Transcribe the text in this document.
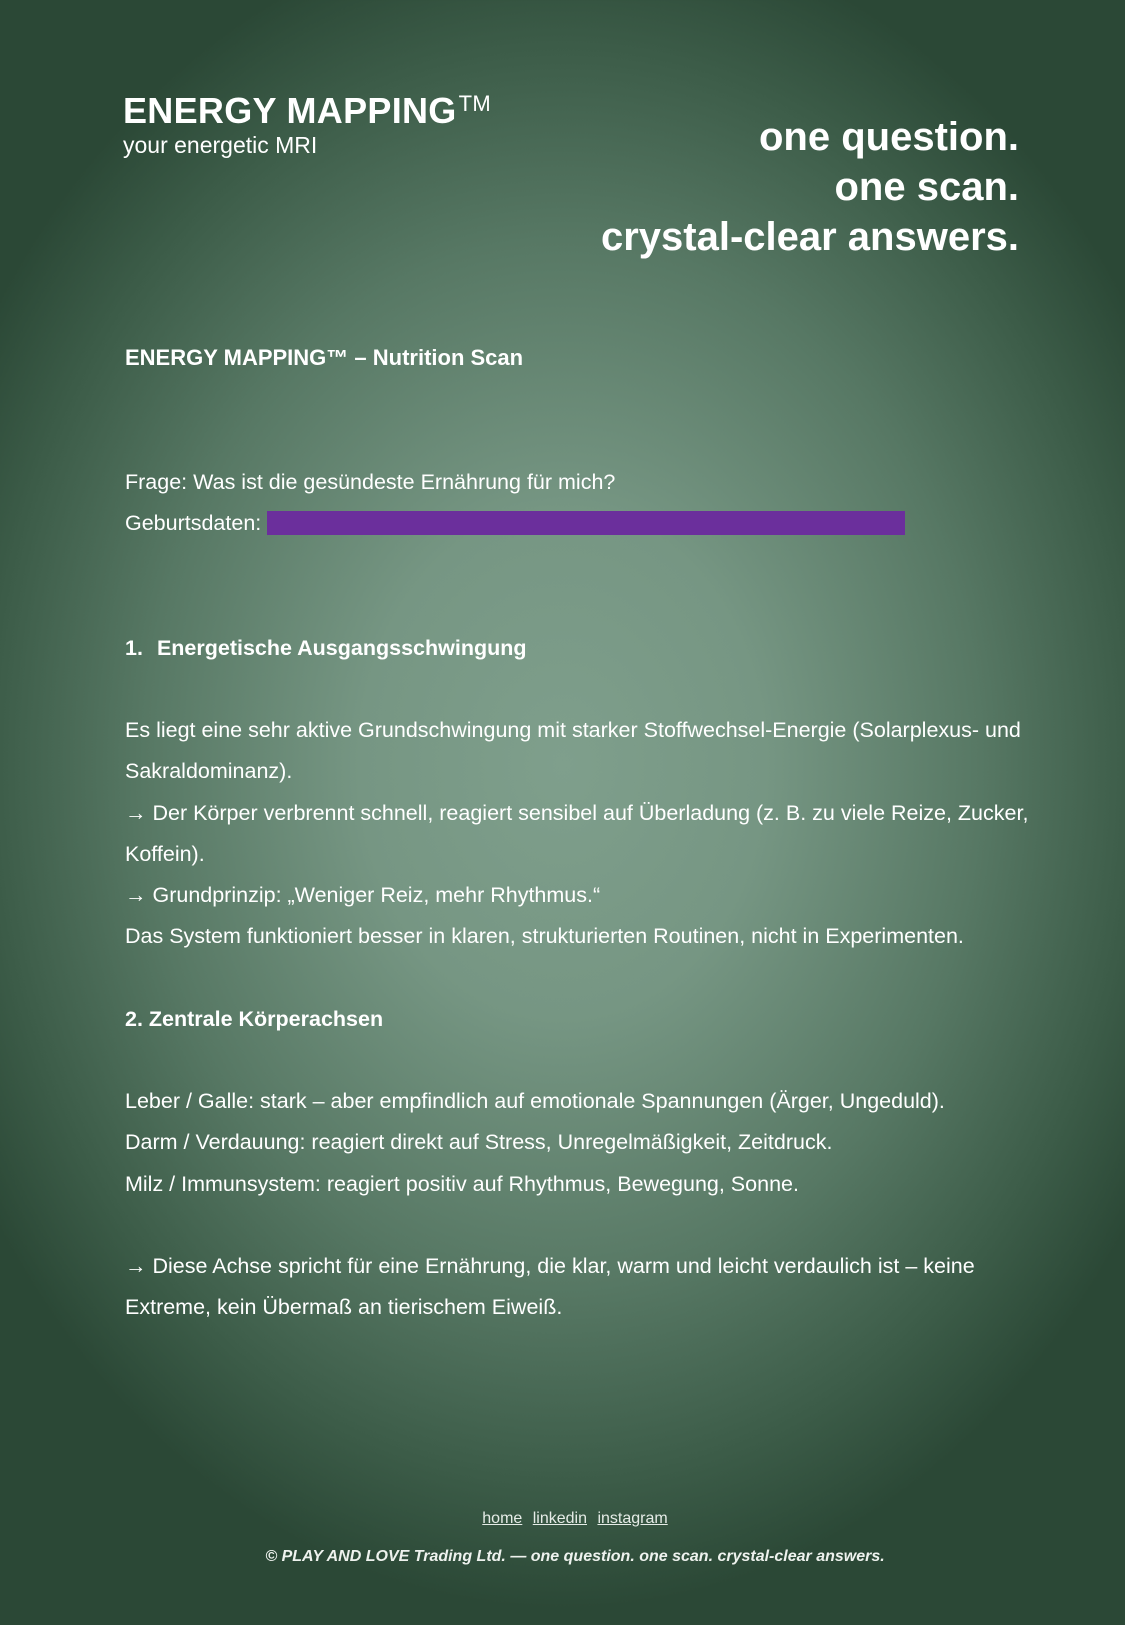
ENERGY MAPPING™
your energetic MRI	one question.
one scan.
crystal-clear answers.
ENERGY MAPPING™ – Nutrition Scan
Frage: Was ist die gesündeste Ernährung für mich?
Geburtsdaten:
1. Energetische Ausgangsschwingung

Es liegt eine sehr aktive Grundschwingung mit starker Stoffwechsel-Energie (Solarplexus- und Sakraldominanz).

→ Der Körper verbrennt schnell, reagiert sensibel auf Überladung (z. B. zu viele Reize, Zucker, Koffein).

→ Grundprinzip: „Weniger Reiz, mehr Rhythmus.“

Das System funktioniert besser in klaren, strukturierten Routinen, nicht in Experimenten.

2. Zentrale Körperachsen

Leber / Galle: stark – aber empfindlich auf emotionale Spannungen (Ärger, Ungeduld).

Darm / Verdauung: reagiert direkt auf Stress, Unregelmäßigkeit, Zeitdruck.

Milz / Immunsystem: reagiert positiv auf Rhythmus, Bewegung, Sonne.

→ Diese Achse spricht für eine Ernährung, die klar, warm und leicht verdaulich ist – keine Extreme, kein Übermaß an tierischem Eiweiß.
home linkedin instagram
© PLAY AND LOVE Trading Ltd. — one question. one scan. crystal-clear answers.
